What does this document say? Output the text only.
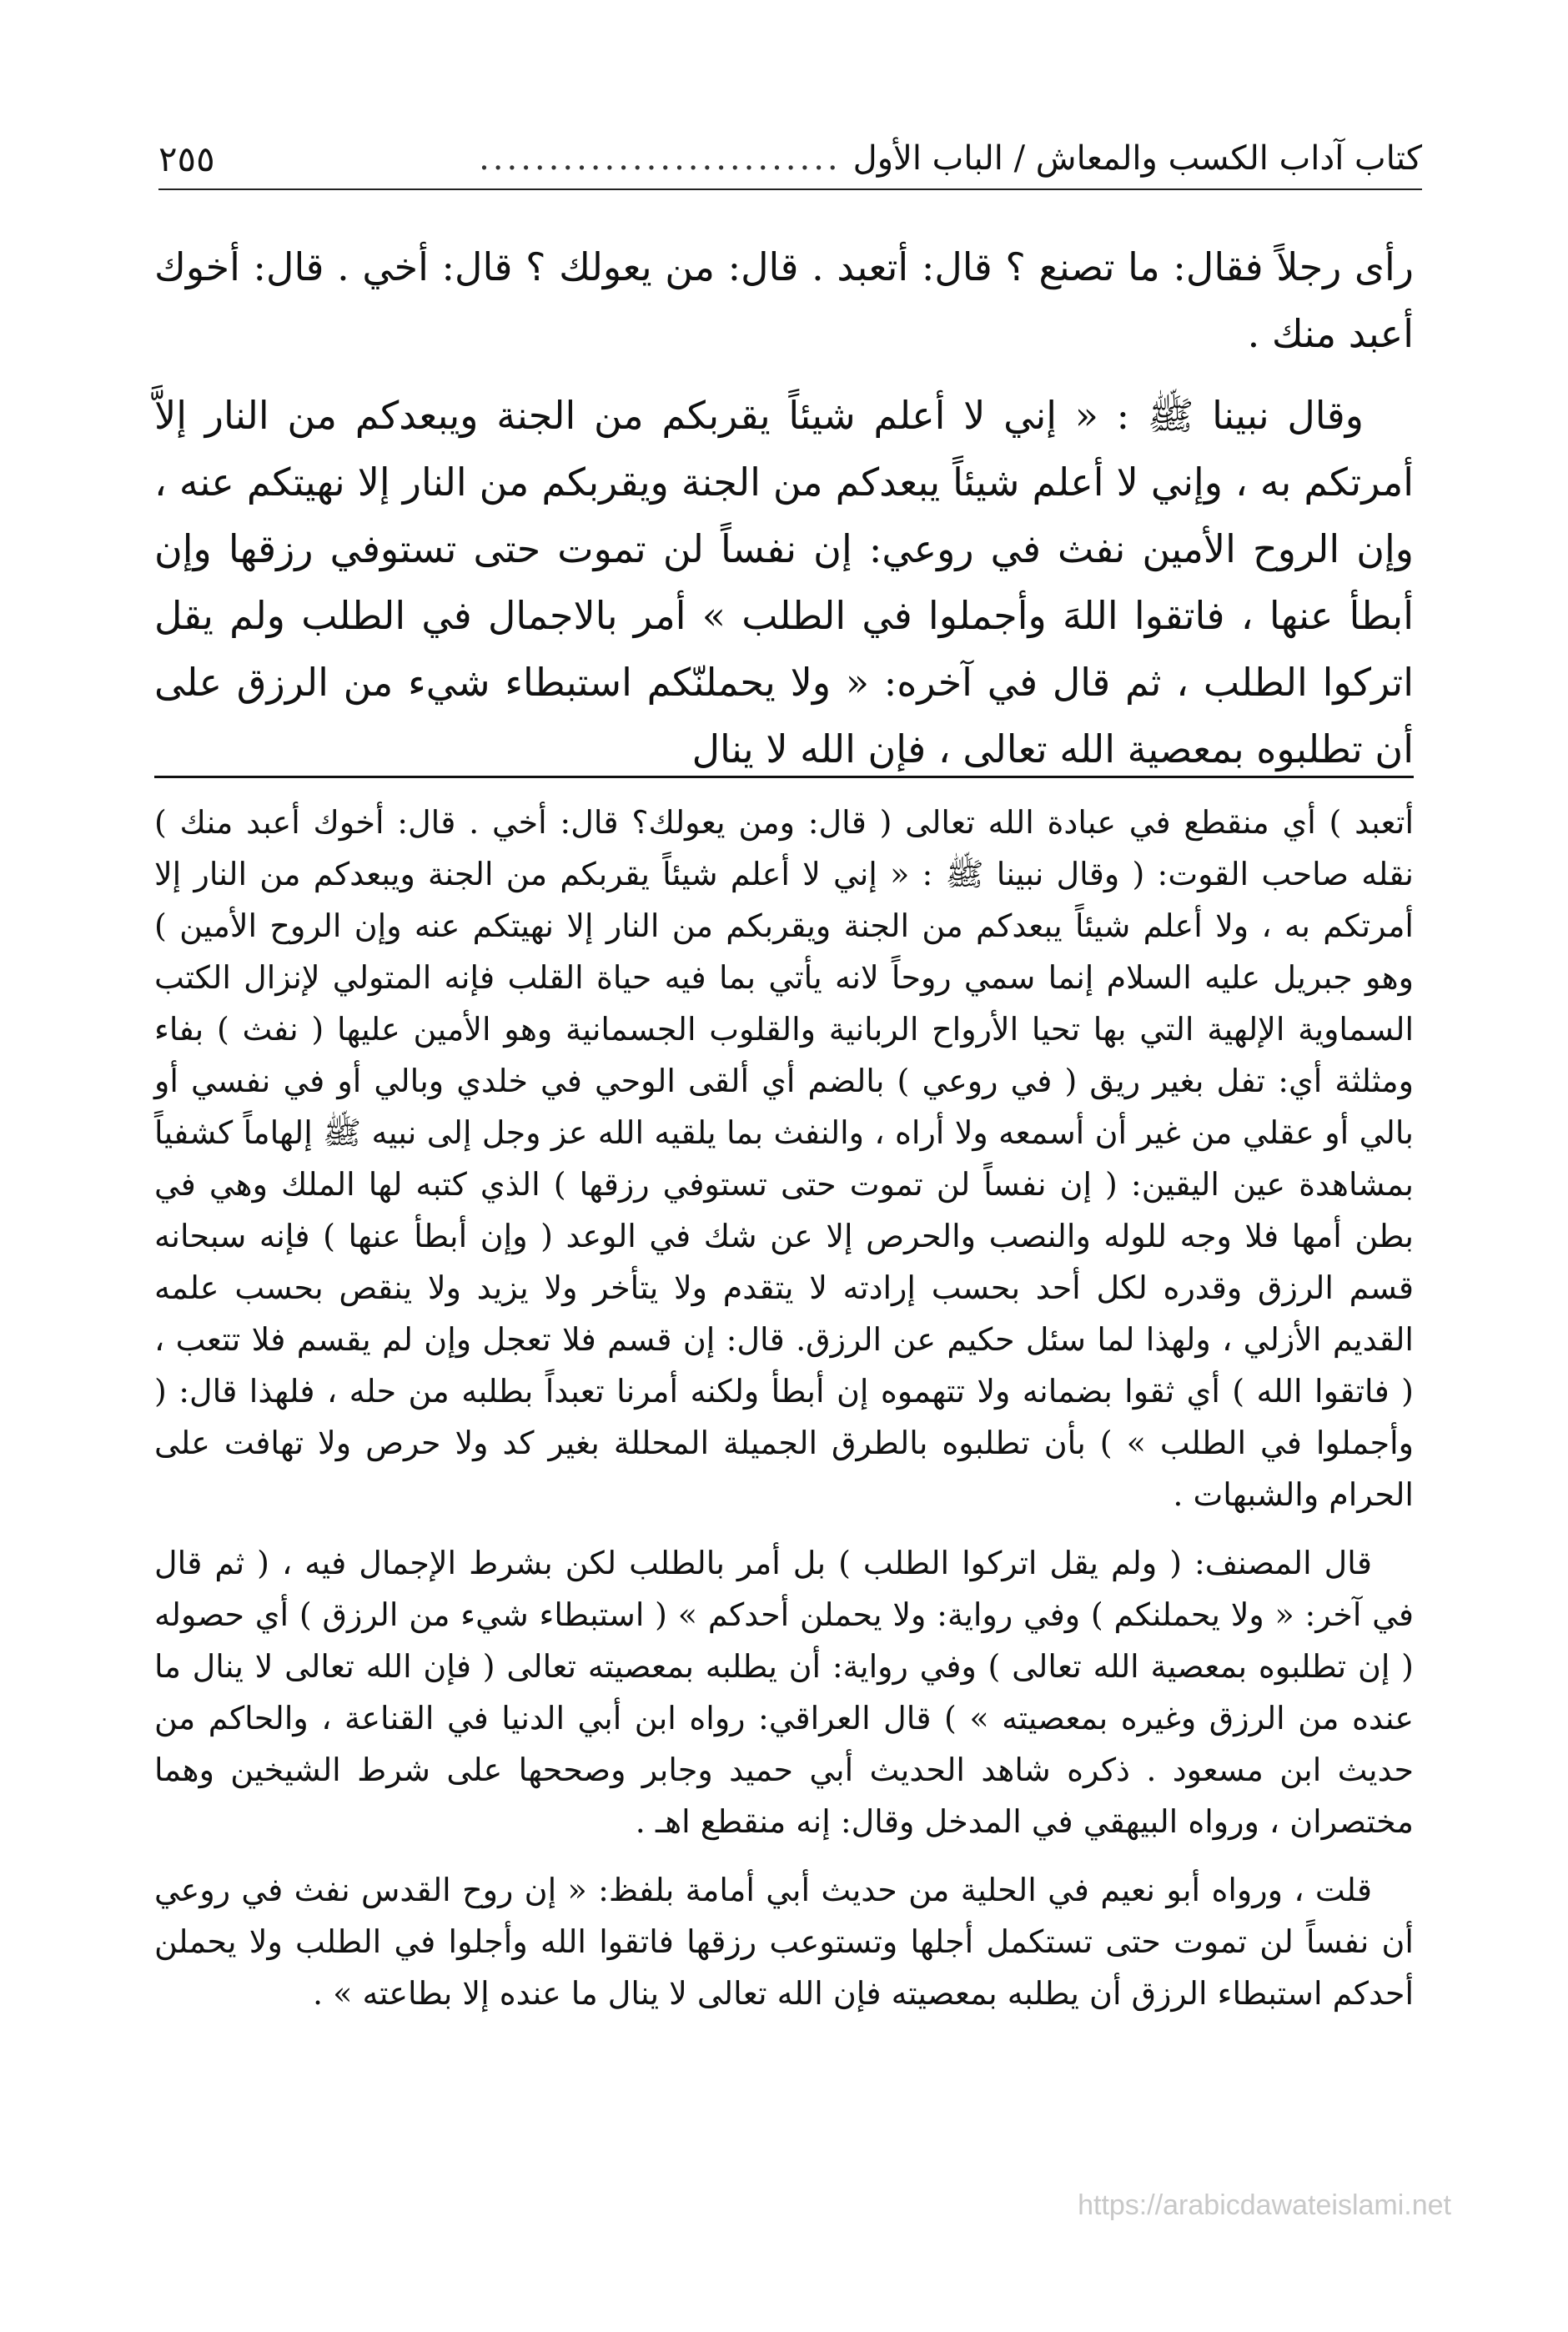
كتاب آداب الكسب والمعاش / الباب الأول
..........................
٢٥٥

رأى رجلاً فقال: ما تصنع ؟ قال: أتعبد . قال: من يعولك ؟ قال: أخي . قال: أخوك أعبد منك .

وقال نبينا ﷺ : « إني لا أعلم شيئاً يقربكم من الجنة ويبعدكم من النار إلاَّ أمرتكم به ، وإني لا أعلم شيئاً يبعدكم من الجنة ويقربكم من النار إلا نهيتكم عنه ، وإن الروح الأمين نفث في روعي: إن نفساً لن تموت حتى تستوفي رزقها وإن أبطأ عنها ، فاتقوا اللهَ وأجملوا في الطلب » أمر بالاجمال في الطلب ولم يقل اتركوا الطلب ، ثم قال في آخره: « ولا يحملنّكم استبطاء شيء من الرزق على أن تطلبوه بمعصية الله تعالى ، فإن الله لا ينال

أتعبد ) أي منقطع في عبادة الله تعالى ( قال: ومن يعولك؟ قال: أخي . قال: أخوك أعبد منك ) نقله صاحب القوت: ( وقال نبينا ﷺ : « إني لا أعلم شيئاً يقربكم من الجنة ويبعدكم من النار إلا أمرتكم به ، ولا أعلم شيئاً يبعدكم من الجنة ويقربكم من النار إلا نهيتكم عنه وإن الروح الأمين ) وهو جبريل عليه السلام إنما سمي روحاً لانه يأتي بما فيه حياة القلب فإنه المتولي لإنزال الكتب السماوية الإلهية التي بها تحيا الأرواح الربانية والقلوب الجسمانية وهو الأمين عليها ( نفث ) بفاء ومثلثة أي: تفل بغير ريق ( في روعي ) بالضم أي ألقى الوحي في خلدي وبالي أو في نفسي أو بالي أو عقلي من غير أن أسمعه ولا أراه ، والنفث بما يلقيه الله عز وجل إلى نبيه ﷺ إلهاماً كشفياً بمشاهدة عين اليقين: ( إن نفساً لن تموت حتى تستوفي رزقها ) الذي كتبه لها الملك وهي في بطن أمها فلا وجه للوله والنصب والحرص إلا عن شك في الوعد ( وإن أبطأ عنها ) فإنه سبحانه قسم الرزق وقدره لكل أحد بحسب إرادته لا يتقدم ولا يتأخر ولا يزيد ولا ينقص بحسب علمه القديم الأزلي ، ولهذا لما سئل حكيم عن الرزق. قال: إن قسم فلا تعجل وإن لم يقسم فلا تتعب ، ( فاتقوا الله ) أي ثقوا بضمانه ولا تتهموه إن أبطأ ولكنه أمرنا تعبداً بطلبه من حله ، فلهذا قال: ( وأجملوا في الطلب » ) بأن تطلبوه بالطرق الجميلة المحللة بغير كد ولا حرص ولا تهافت على الحرام والشبهات .

قال المصنف: ( ولم يقل اتركوا الطلب ) بل أمر بالطلب لكن بشرط الإجمال فيه ، ( ثم قال في آخر: « ولا يحملنكم ) وفي رواية: ولا يحملن أحدكم » ( استبطاء شيء من الرزق ) أي حصوله ( إن تطلبوه بمعصية الله تعالى ) وفي رواية: أن يطلبه بمعصيته تعالى ( فإن الله تعالى لا ينال ما عنده من الرزق وغيره بمعصيته » ) قال العراقي: رواه ابن أبي الدنيا في القناعة ، والحاكم من حديث ابن مسعود . ذكره شاهد الحديث أبي حميد وجابر وصححها على شرط الشيخين وهما مختصران ، ورواه البيهقي في المدخل وقال: إنه منقطع اهـ .

قلت ، ورواه أبو نعيم في الحلية من حديث أبي أمامة بلفظ: « إن روح القدس نفث في روعي أن نفساً لن تموت حتى تستكمل أجلها وتستوعب رزقها فاتقوا الله وأجلوا في الطلب ولا يحملن أحدكم استبطاء الرزق أن يطلبه بمعصيته فإن الله تعالى لا ينال ما عنده إلا بطاعته » .

https://arabicdawateislami.net
